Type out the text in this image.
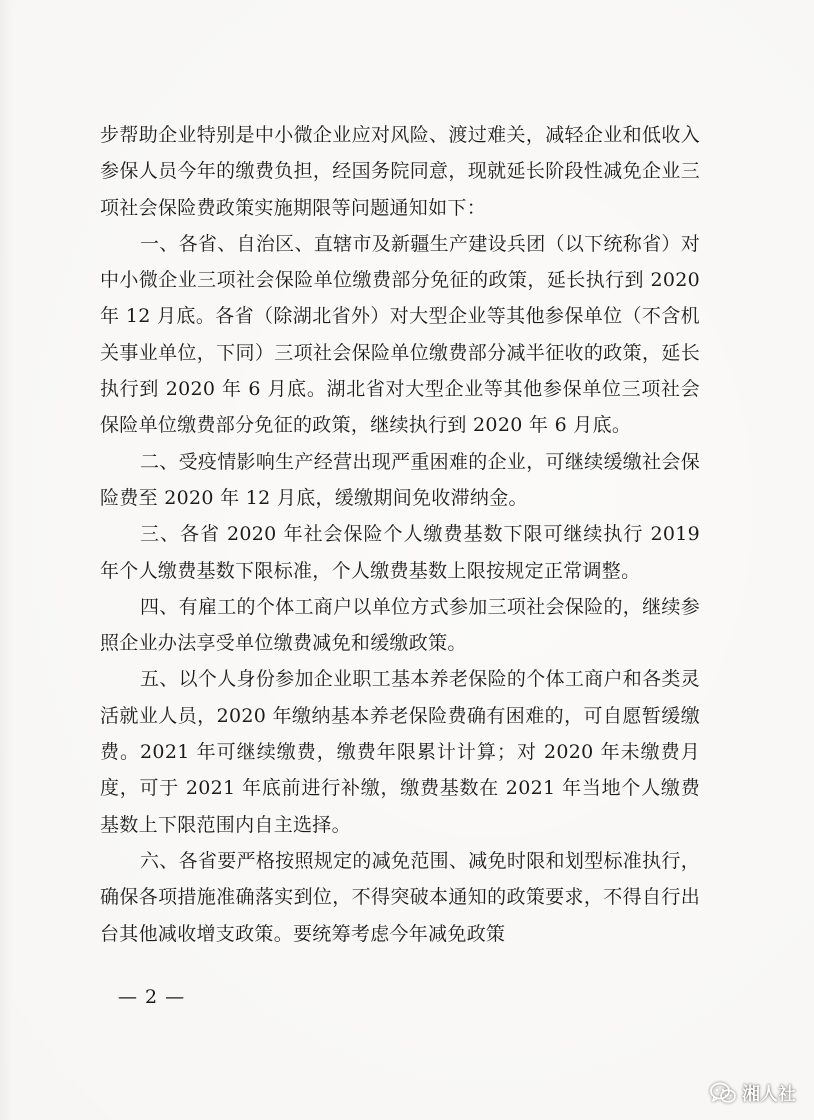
步帮助企业特别是中小微企业应对风险、渡过难关，减轻企业和低收入参保人员今年的缴费负担，经国务院同意，现就延长阶段性减免企业三项社会保险费政策实施期限等问题通知如下：

一、各省、自治区、直辖市及新疆生产建设兵团（以下统称省）对中小微企业三项社会保险单位缴费部分免征的政策，延长执行到 2020 年 12 月底。各省（除湖北省外）对大型企业等其他参保单位（不含机关事业单位，下同）三项社会保险单位缴费部分减半征收的政策，延长执行到 2020 年 6 月底。湖北省对大型企业等其他参保单位三项社会保险单位缴费部分免征的政策，继续执行到 2020 年 6 月底。

二、受疫情影响生产经营出现严重困难的企业，可继续缓缴社会保险费至 2020 年 12 月底，缓缴期间免收滞纳金。

三、各省 2020 年社会保险个人缴费基数下限可继续执行 2019 年个人缴费基数下限标准，个人缴费基数上限按规定正常调整。

四、有雇工的个体工商户以单位方式参加三项社会保险的，继续参照企业办法享受单位缴费减免和缓缴政策。

五、以个人身份参加企业职工基本养老保险的个体工商户和各类灵活就业人员，2020 年缴纳基本养老保险费确有困难的，可自愿暂缓缴费。2021 年可继续缴费，缴费年限累计计算；对 2020 年未缴费月度，可于 2021 年底前进行补缴，缴费基数在 2021 年当地个人缴费基数上下限范围内自主选择。

六、各省要严格按照规定的减免范围、减免时限和划型标准执行，确保各项措施准确落实到位，不得突破本通知的政策要求，不得自行出台其他减收增支政策。要统筹考虑今年减免政策

— 2 —
湘人社
